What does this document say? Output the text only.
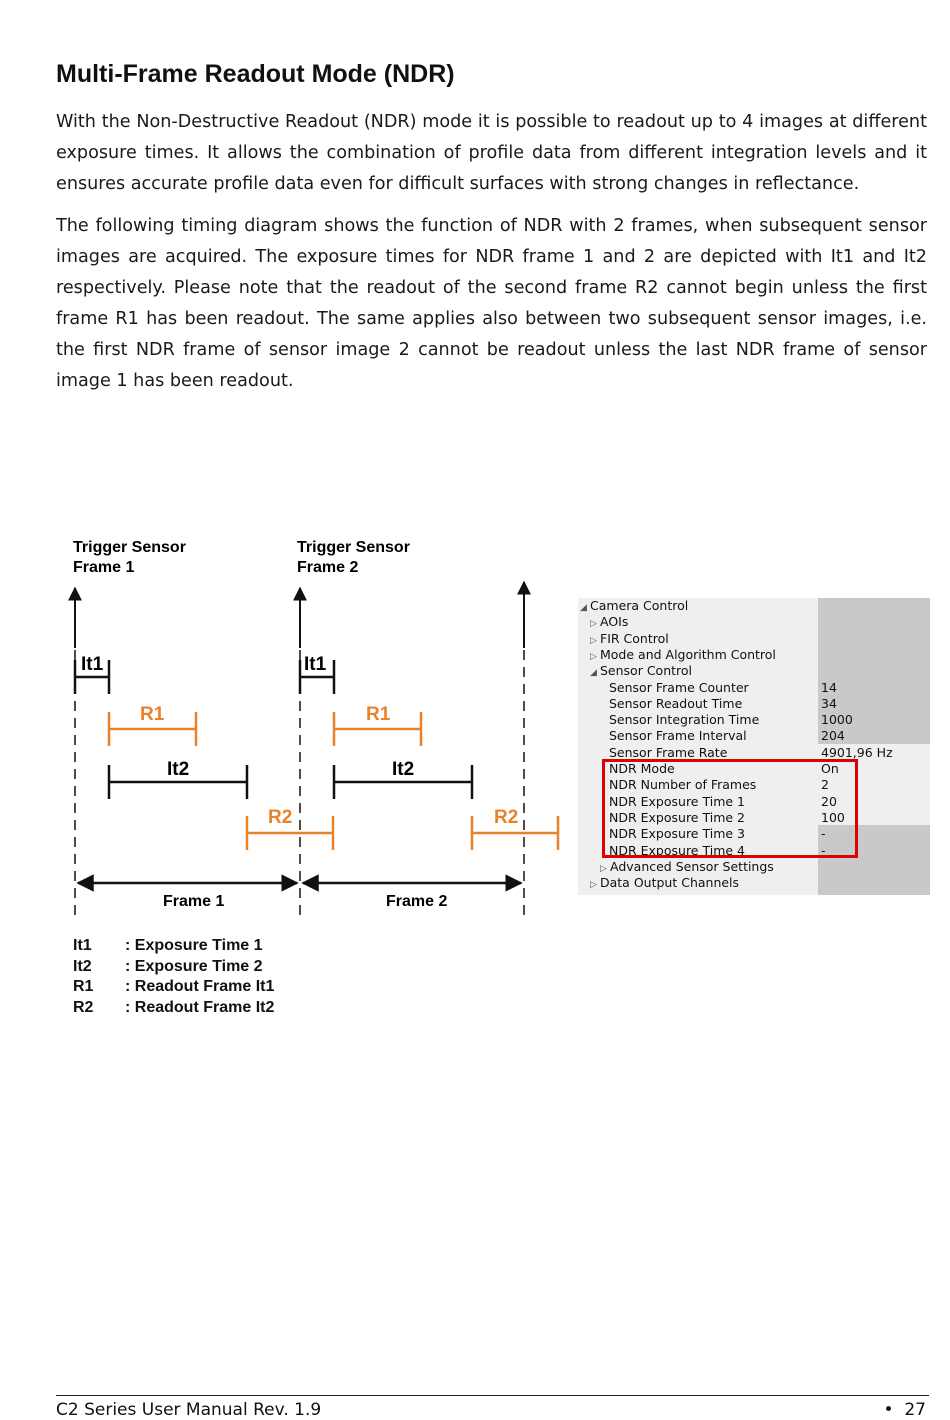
Multi-Frame Readout Mode (NDR)

With the Non-Destructive Readout (NDR) mode it is possible to readout up to 4 images at different exposure times. It allows the combination of profile data from different integration levels and it ensures accurate profile data even for difficult surfaces with strong changes in reflectance.

The following timing diagram shows the function of NDR with 2 frames, when subsequent sensor images are acquired. The exposure times for NDR frame 1 and 2 are depicted with It1 and It2 respectively. Please note that the readout of the second frame R2 cannot begin unless the first frame R1 has been readout. The same applies also between two subsequent sensor images, i.e. the first NDR frame of sensor image 2 cannot be readout unless the last NDR frame of sensor image 1 has been readout.

Trigger Sensor
Frame 1
Trigger Sensor
Frame 2
It1
R1
It2
R2
It1
R1
It2
R2
Frame 1	Frame 2
It1	: Exposure Time 1
It2	: Exposure Time 2
R1	: Readout Frame It1
R2	: Readout Frame It2
◢ Camera Control
▷ AOIs
▷ FIR Control
▷ Mode and Algorithm Control
◢ Sensor Control
Sensor Frame Counter	14
Sensor Readout Time	34
Sensor Integration Time	1000
Sensor Frame Interval	204
Sensor Frame Rate	4901,96 Hz
NDR Mode	On
NDR Number of Frames	2
NDR Exposure Time 1	20
NDR Exposure Time 2	100
NDR Exposure Time 3	-
NDR Exposure Time 4	-
▷ Advanced Sensor Settings
▷ Data Output Channels
C2 Series User Manual Rev. 1.9	• 27
